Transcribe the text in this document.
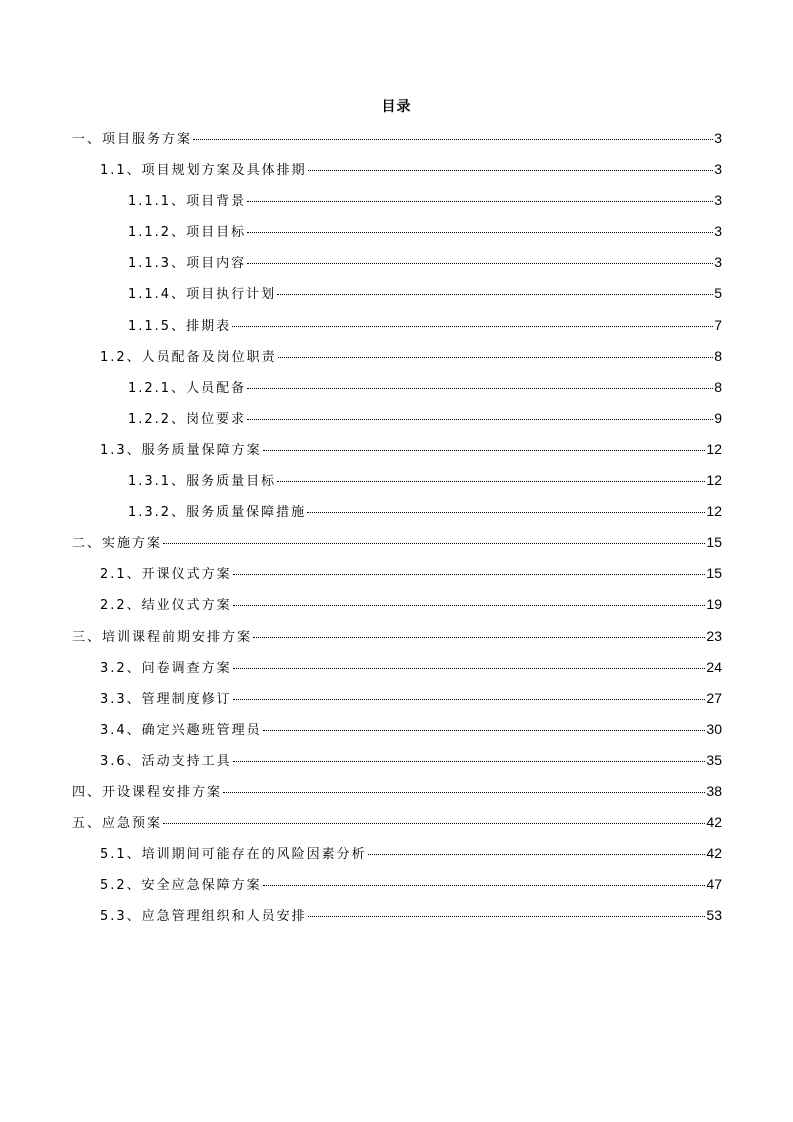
目录
一、项目服务方案	3
1.1、项目规划方案及具体排期	3
1.1.1、项目背景	3
1.1.2、项目目标	3
1.1.3、项目内容	3
1.1.4、项目执行计划	5
1.1.5、排期表	7
1.2、人员配备及岗位职责	8
1.2.1、人员配备	8
1.2.2、岗位要求	9
1.3、服务质量保障方案	12
1.3.1、服务质量目标	12
1.3.2、服务质量保障措施	12
二、实施方案	15
2.1、开课仪式方案	15
2.2、结业仪式方案	19
三、培训课程前期安排方案	23
3.2、问卷调查方案	24
3.3、管理制度修订	27
3.4、确定兴趣班管理员	30
3.6、活动支持工具	35
四、开设课程安排方案	38
五、应急预案	42
5.1、培训期间可能存在的风险因素分析	42
5.2、安全应急保障方案	47
5.3、应急管理组织和人员安排	53
